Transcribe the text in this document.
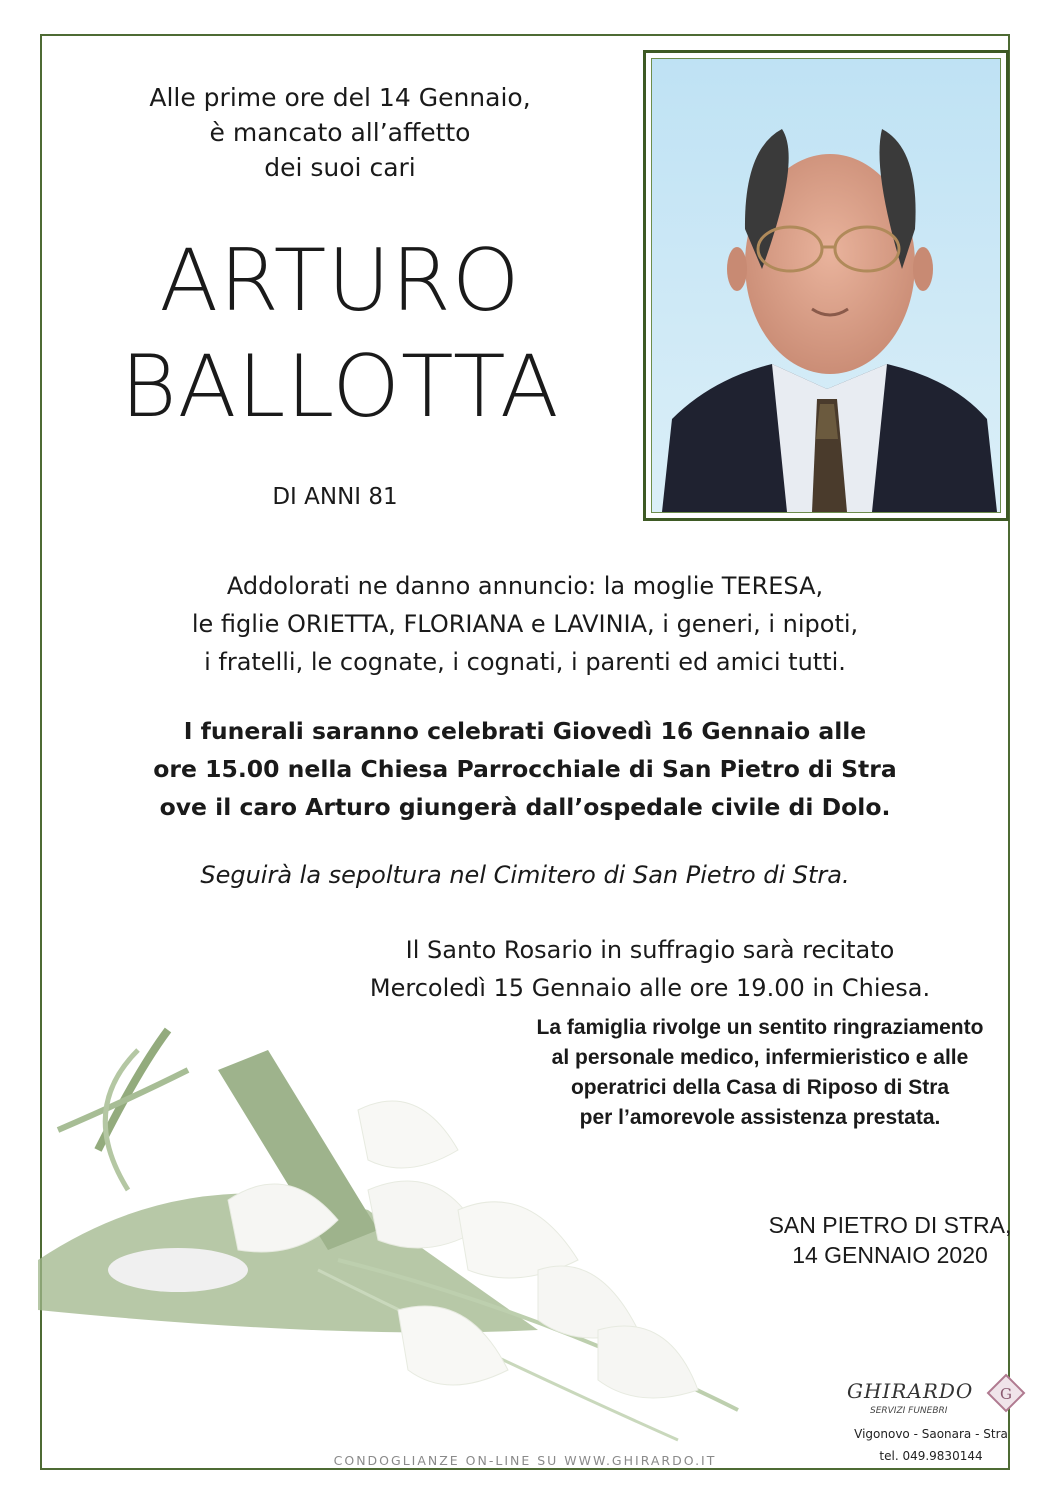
Alle prime ore del 14 Gennaio,
è mancato all’affetto
dei suoi cari
ARTURO
BALLOTTA
DI ANNI 81
Addolorati ne danno annuncio: la moglie TERESA,
le figlie ORIETTA, FLORIANA e LAVINIA, i generi, i nipoti,
i fratelli, le cognate, i cognati, i parenti ed amici tutti.
I funerali saranno celebrati Giovedì 16 Gennaio alle
ore 15.00 nella Chiesa Parrocchiale di San Pietro di Stra
ove il caro Arturo giungerà dall’ospedale civile di Dolo.
Seguirà la sepoltura nel Cimitero di San Pietro di Stra.
Il Santo Rosario in suffragio sarà recitato
Mercoledì 15 Gennaio alle ore 19.00 in Chiesa.
La famiglia rivolge un sentito ringraziamento
al personale medico, infermieristico e alle
operatrici della Casa di Riposo di Stra
per l’amorevole assistenza prestata.
SAN PIETRO DI STRA,
14 GENNAIO 2020
GHIRARDO
SERVIZI FUNEBRI
G
Vigonovo - Saonara - Stra
tel. 049.9830144
CONDOGLIANZE ON-LINE SU WWW.GHIRARDO.IT
